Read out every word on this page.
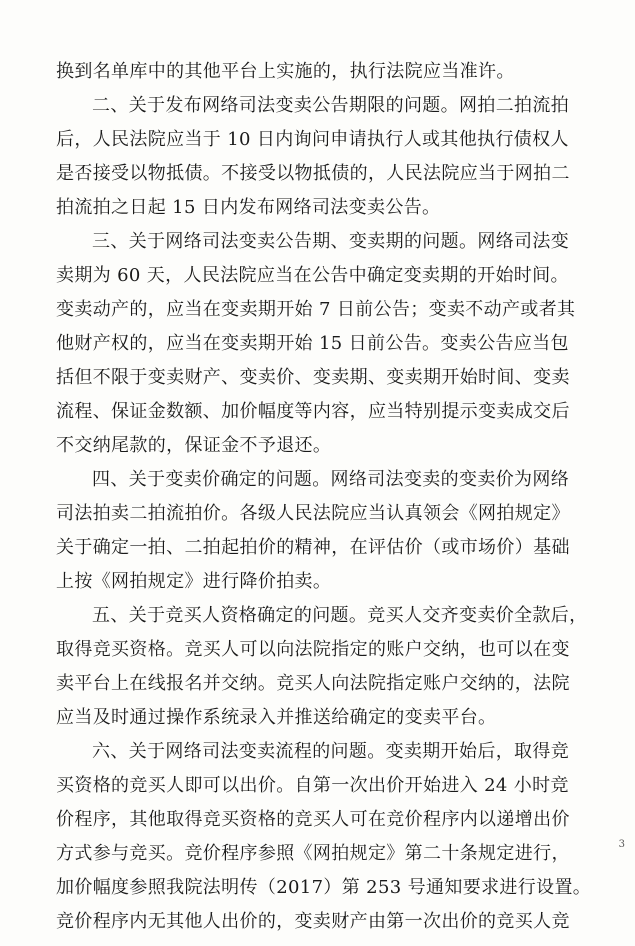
换到名单库中的其他平台上实施的，执行法院应当准许。
二、关于发布网络司法变卖公告期限的问题。网拍二拍流拍
后，人民法院应当于 10 日内询问申请执行人或其他执行债权人
是否接受以物抵债。不接受以物抵债的，人民法院应当于网拍二
拍流拍之日起 15 日内发布网络司法变卖公告。
三、关于网络司法变卖公告期、变卖期的问题。网络司法变
卖期为 60 天，人民法院应当在公告中确定变卖期的开始时间。
变卖动产的，应当在变卖期开始 7 日前公告；变卖不动产或者其
他财产权的，应当在变卖期开始 15 日前公告。变卖公告应当包
括但不限于变卖财产、变卖价、变卖期、变卖期开始时间、变卖
流程、保证金数额、加价幅度等内容，应当特别提示变卖成交后
不交纳尾款的，保证金不予退还。
四、关于变卖价确定的问题。网络司法变卖的变卖价为网络
司法拍卖二拍流拍价。各级人民法院应当认真领会《网拍规定》
关于确定一拍、二拍起拍价的精神，在评估价（或市场价）基础
上按《网拍规定》进行降价拍卖。
五、关于竞买人资格确定的问题。竞买人交齐变卖价全款后，
取得竞买资格。竞买人可以向法院指定的账户交纳，也可以在变
卖平台上在线报名并交纳。竞买人向法院指定账户交纳的，法院
应当及时通过操作系统录入并推送给确定的变卖平台。
六、关于网络司法变卖流程的问题。变卖期开始后，取得竞
买资格的竞买人即可以出价。自第一次出价开始进入 24 小时竞
价程序，其他取得竞买资格的竞买人可在竞价程序内以递增出价
方式参与竞买。竞价程序参照《网拍规定》第二十条规定进行，
加价幅度参照我院法明传（2017）第 253 号通知要求进行设置。
竞价程序内无其他人出价的，变卖财产由第一次出价的竞买人竞
3
